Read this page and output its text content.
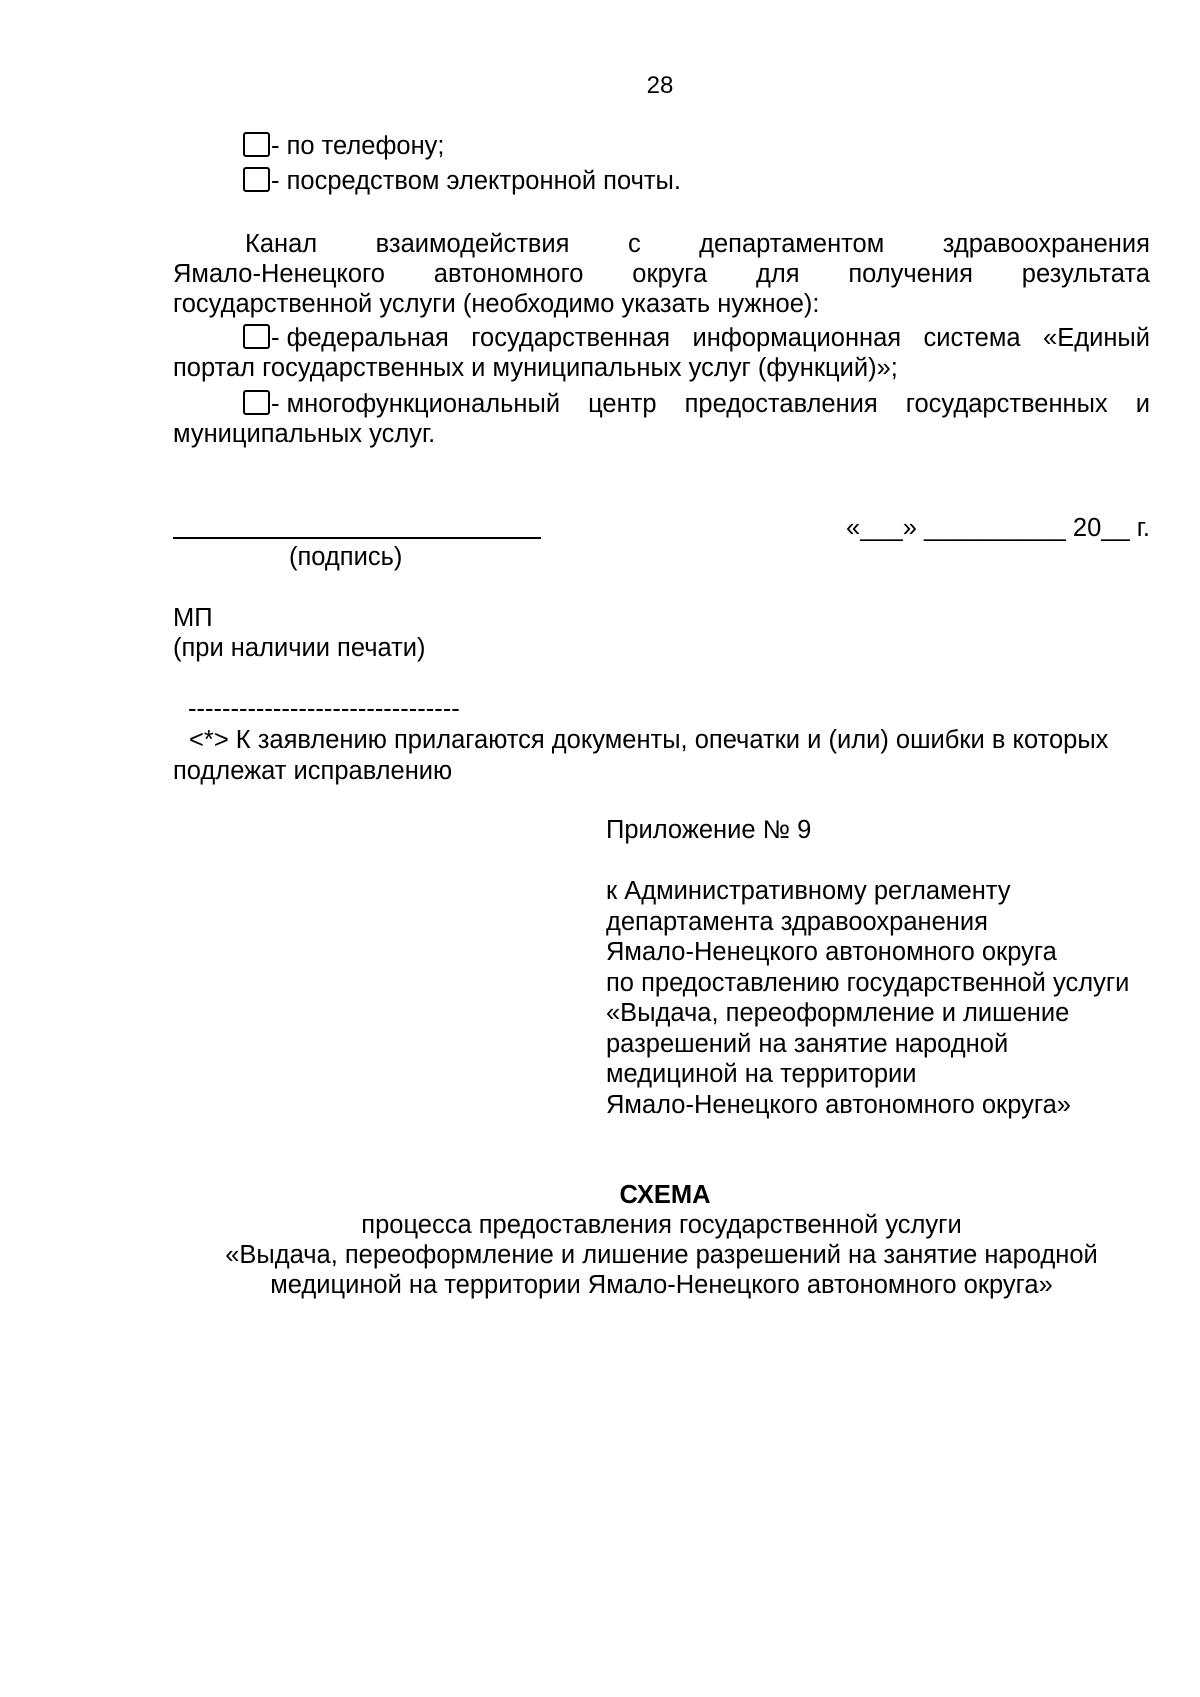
28
- по телефону;
- посредством электронной почты.
Канал взаимодействия с департаментом здравоохранения
Ямало-Ненецкого автономного округа для получения результата
государственной услуги (необходимо указать нужное):
- федеральная государственная информационная система «Единый
портал государственных и муниципальных услуг (функций)»;
- многофункциональный центр предоставления государственных и
муниципальных услуг.
(подпись)
«___» __________ 20__ г.
МП
(при наличии печати)
--------------------------------
<*> К заявлению прилагаются документы, опечатки и (или) ошибки в которых
подлежат исправлению
Приложение № 9
к Административному регламенту
департамента здравоохранения
Ямало-Ненецкого автономного округа
по предоставлению государственной услуги
«Выдача, переоформление и лишение
разрешений на занятие народной
медициной на территории
Ямало-Ненецкого автономного округа»
СХЕМА
процесса предоставления государственной услуги
«Выдача, переоформление и лишение разрешений на занятие народной
медициной на территории Ямало-Ненецкого автономного округа»
